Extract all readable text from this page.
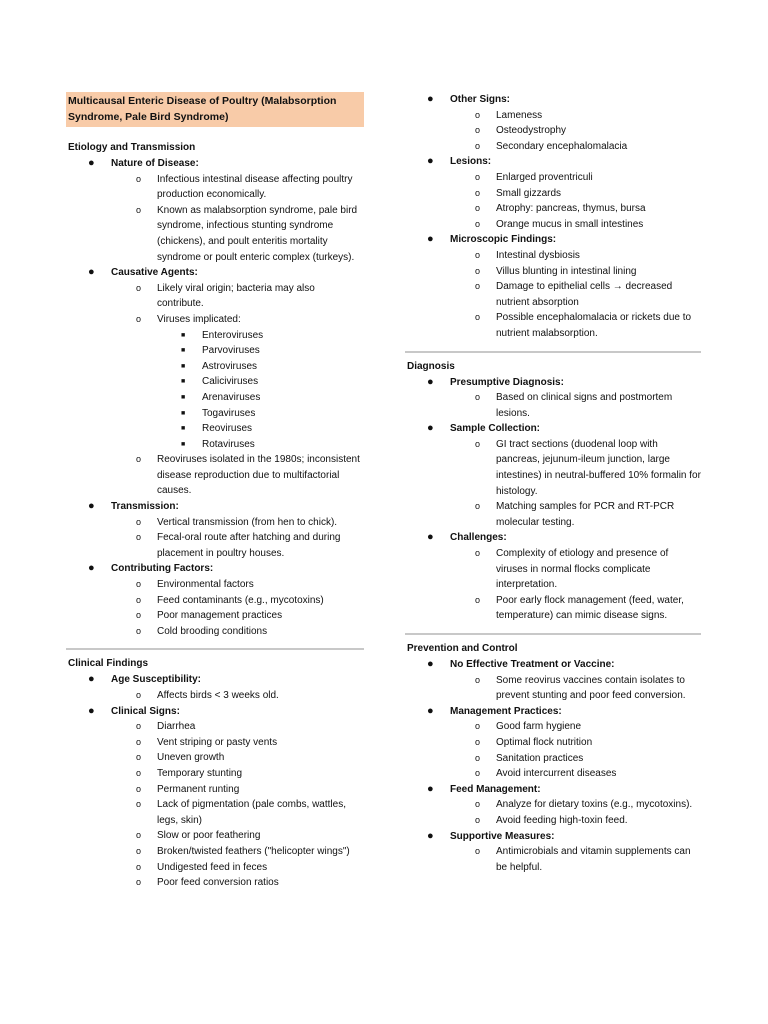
Multicausal Enteric Disease of Poultry (Malabsorption Syndrome, Pale Bird Syndrome)
Etiology and Transmission
● Nature of Disease:
o Infectious intestinal disease affecting poultry production economically.
o Known as malabsorption syndrome, pale bird syndrome, infectious stunting syndrome (chickens), and poult enteritis mortality syndrome or poult enteric complex (turkeys).
● Causative Agents:
o Likely viral origin; bacteria may also contribute.
o Viruses implicated:
■ Enteroviruses
■ Parvoviruses
■ Astroviruses
■ Caliciviruses
■ Arenaviruses
■ Togaviruses
■ Reoviruses
■ Rotaviruses
o Reoviruses isolated in the 1980s; inconsistent disease reproduction due to multifactorial causes.
● Transmission:
o Vertical transmission (from hen to chick).
o Fecal-oral route after hatching and during placement in poultry houses.
● Contributing Factors:
o Environmental factors
o Feed contaminants (e.g., mycotoxins)
o Poor management practices
o Cold brooding conditions
Clinical Findings
● Age Susceptibility:
o Affects birds < 3 weeks old.
● Clinical Signs:
o Diarrhea
o Vent striping or pasty vents
o Uneven growth
o Temporary stunting
o Permanent runting
o Lack of pigmentation (pale combs, wattles, legs, skin)
o Slow or poor feathering
o Broken/twisted feathers ("helicopter wings")
o Undigested feed in feces
o Poor feed conversion ratios
● Other Signs:
o Lameness
o Osteodystrophy
o Secondary encephalomalacia
● Lesions:
o Enlarged proventriculi
o Small gizzards
o Atrophy: pancreas, thymus, bursa
o Orange mucus in small intestines
● Microscopic Findings:
o Intestinal dysbiosis
o Villus blunting in intestinal lining
o Damage to epithelial cells → decreased nutrient absorption
o Possible encephalomalacia or rickets due to nutrient malabsorption.
Diagnosis
● Presumptive Diagnosis:
o Based on clinical signs and postmortem lesions.
● Sample Collection:
o GI tract sections (duodenal loop with pancreas, jejunum-ileum junction, large intestines) in neutral-buffered 10% formalin for histology.
o Matching samples for PCR and RT-PCR molecular testing.
● Challenges:
o Complexity of etiology and presence of viruses in normal flocks complicate interpretation.
o Poor early flock management (feed, water, temperature) can mimic disease signs.
Prevention and Control
● No Effective Treatment or Vaccine:
o Some reovirus vaccines contain isolates to prevent stunting and poor feed conversion.
● Management Practices:
o Good farm hygiene
o Optimal flock nutrition
o Sanitation practices
o Avoid intercurrent diseases
● Feed Management:
o Analyze for dietary toxins (e.g., mycotoxins).
o Avoid feeding high-toxin feed.
● Supportive Measures:
o Antimicrobials and vitamin supplements can be helpful.
